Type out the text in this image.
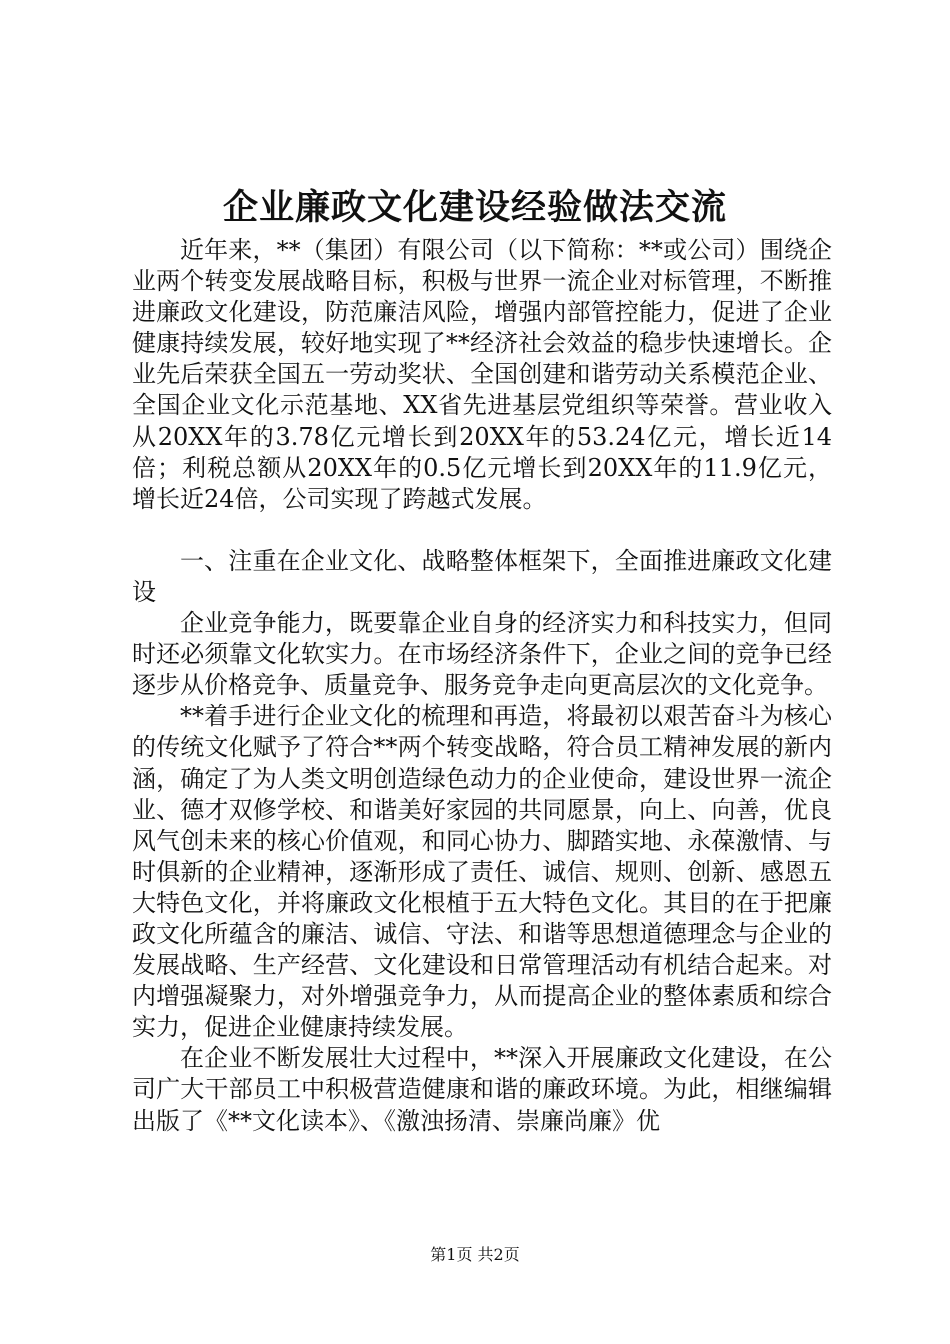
企业廉政文化建设经验做法交流

近年来，**（集团）有限公司（以下简称：**或公司）围绕企业两个转变发展战略目标，积极与世界一流企业对标管理，不断推进廉政文化建设，防范廉洁风险，增强内部管控能力，促进了企业健康持续发展，较好地实现了**经济社会效益的稳步快速增长。企业先后荣获全国五一劳动奖状、全国创建和谐劳动关系模范企业、全国企业文化示范基地、XX省先进基层党组织等荣誉。营业收入从20XX年的3.78亿元增长到20XX年的53.24亿元，增长近14倍；利税总额从20XX年的0.5亿元增长到20XX年的11.9亿元，增长近24倍，公司实现了跨越式发展。

一、注重在企业文化、战略整体框架下，全面推进廉政文化建设

企业竞争能力，既要靠企业自身的经济实力和科技实力，但同时还必须靠文化软实力。在市场经济条件下，企业之间的竞争已经逐步从价格竞争、质量竞争、服务竞争走向更高层次的文化竞争。

**着手进行企业文化的梳理和再造，将最初以艰苦奋斗为核心的传统文化赋予了符合**两个转变战略，符合员工精神发展的新内涵，确定了为人类文明创造绿色动力的企业使命，建设世界一流企业、德才双修学校、和谐美好家园的共同愿景，向上、向善，优良风气创未来的核心价值观，和同心协力、脚踏实地、永葆激情、与时俱新的企业精神，逐渐形成了责任、诚信、规则、创新、感恩五大特色文化，并将廉政文化根植于五大特色文化。其目的在于把廉政文化所蕴含的廉洁、诚信、守法、和谐等思想道德理念与企业的发展战略、生产经营、文化建设和日常管理活动有机结合起来。对内增强凝聚力，对外增强竞争力，从而提高企业的整体素质和综合实力，促进企业健康持续发展。

在企业不断发展壮大过程中，**深入开展廉政文化建设，在公司广大干部员工中积极营造健康和谐的廉政环境。为此，相继编辑出版了《**文化读本》、《激浊扬清、崇廉尚廉》优

第1页 共2页
